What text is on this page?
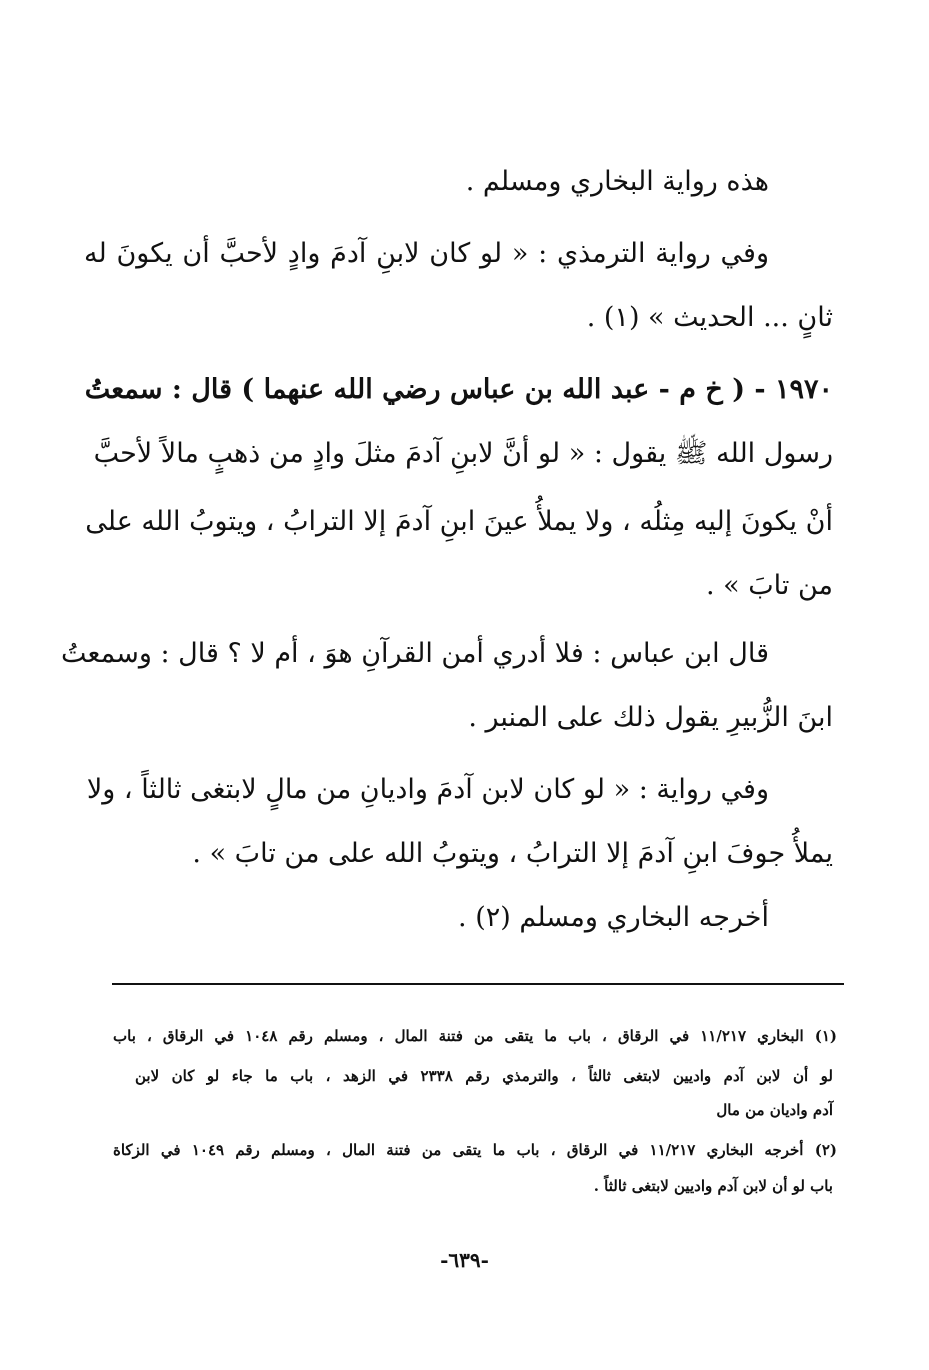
هذه رواية البخاري ومسلم .
وفي رواية الترمذي : « لو كان لابنِ آدمَ وادٍ لأحبَّ أن يكونَ له
ثانٍ ... الحديث » (١) .
١٩٧٠ - ( خ م - عبد الله بن عباس رضي الله عنهما ) قال : سمعتُ
رسول الله ﷺ يقول : « لو أنَّ لابنِ آدمَ مثلَ وادٍ من ذهبٍ مالاً لأحبَّ
أنْ يكونَ إليه مِثلُه ، ولا يملأُ عينَ ابنِ آدمَ إلا الترابُ ، ويتوبُ الله على
من تابَ » .
قال ابن عباس : فلا أدري أمن القرآنِ هوَ ، أم لا ؟ قال : وسمعتُ
ابنَ الزُّبيرِ يقول ذلك على المنبر .
وفي رواية : « لو كان لابن آدمَ واديانِ من مالٍ لابتغى ثالثاً ، ولا
يملأُ جوفَ ابنِ آدمَ إلا الترابُ ، ويتوبُ الله على من تابَ » .
أخرجه البخاري ومسلم (٢) .
(١) البخاري ١١/٢١٧ في الرقاق ، باب ما يتقى من فتنة المال ، ومسلم رقم ١٠٤٨ في الرقاق ، باب
لو أن لابن آدم واديين لابتغى ثالثاً ، والترمذي رقم ٢٣٣٨ في الزهد ، باب ما جاء لو كان لابن
آدم واديان من مال
(٢) أخرجه البخاري ١١/٢١٧ في الرقاق ، باب ما يتقى من فتنة المال ، ومسلم رقم ١٠٤٩ في الزكاة
باب لو أن لابن آدم واديين لابتغى ثالثاً .
-٦٣٩-
